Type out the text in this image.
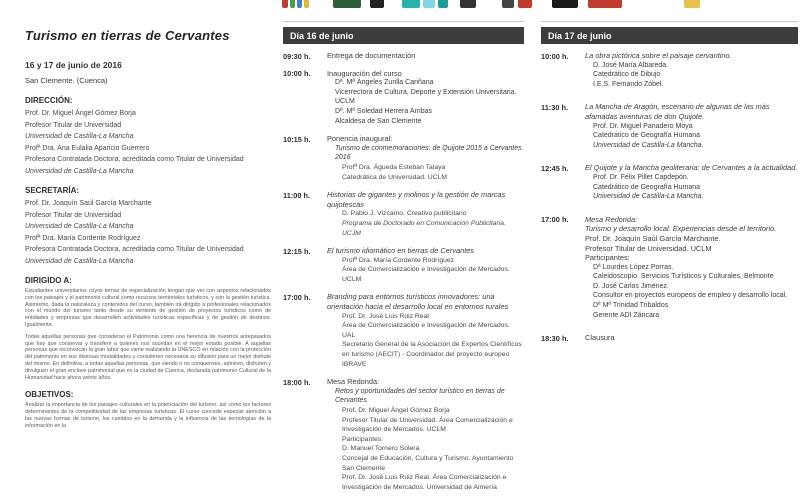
Turismo en tierras de Cervantes
16 y 17 de junio de 2016
San Clemente. (Cuenca)
DIRECCIÓN:
Prof. Dr. Miguel Ángel Gómez Borja
Profesor Titular de Universidad
Universidad de Castilla-La Mancha
Profª Dra. Ana Eulalia Aparicio Guerrero
Profesora Contratada Doctora, acreditada como Titular de Universidad
Universidad de Castilla-La Mancha
SECRETARÍA:
Prof. Dr. Joaquín Saúl García Marchante
Profesor Titular de Universidad
Universidad de Castilla-La Mancha
Profª Dra. María Cordente Rodríguez
Profesora Contratada Doctora, acreditada como Titular de Universidad
Universidad de Castilla-La Mancha
DIRIGIDO A:
Estudiantes universitarios cuyos temas de especialización tengan que ver con aspectos relacionados con los paisajes y el patrimonio cultural como recursos territoriales turísticos, y con la gestión turística. Asimismo, dada la naturaleza y contenidos del curso, también irá dirigido a profesionales relacionados con el mundo del turismo tanto desde su vertiente de gestión de proyectos turísticos como de entidades y empresas que desarrollen actividades turísticas específicas y de gestión de destinos. Igualmente.
Todas aquellas personas que consideran el Patrimonio como una herencia de nuestros antepasados que hay que conservar y transferir a quienes nos sucedan en el mejor estado posible. A aquellas personas que reconozcan la gran labor que viene realizando la UNESCO en relación con la protección del patrimonio en sus diversas modalidades y consideren necesaria su difusión para un mejor disfrute del mismo. En definitiva, a todas aquellas personas, que siendo o no conquenses, admiren, disfruten y divulguen el gran enclave patrimonial que es la ciudad de Cuenca, declarada patrimonio Cultural de la Humanidad hace ahora veinte años.
OBJETIVOS:
Analizar la importancia de los paisajes culturales en la potenciación del turismo, así como los factores determinantes de la competitividad de las empresas turísticas. El curso concede especial atención a las nuevas formas de turismo, los cambios en la demanda y la influencia de las tecnologías de la información en la
Día 16 de junio
09:30 h.	Entrega de documentación
10:00 h.	Inauguración del curso
Dª. Mª Ángeles Zurilla Cariñana
Vicerrectora de Cultura, Deporte y Extensión Universitaria. UCLM
Dª. Mª Soledad Herrera Arribas
Alcaldesa de San Clemente
10:15 h.	Ponencia inaugural:
Turismo de conmemoraciones: de Quijote 2015 a Cervantes 2016
Profª Dra. Águeda Esteban Talaya
Catedrática de Universidad. UCLM
11:00 h.	Historias de gigantes y molinos y la gestión de marcas quijotescas
D. Pablo J. Vizcaíno. Creativo publicitario
Programa de Doctorado en Comunicación Publicitaria. UCJM
12:15 h.	El turismo idiomático en tierras de Cervantes
Profª Dra. María Cordente Rodríguez
Área de Comercialización e Investigación de Mercados. UCLM
17:00 h.	Branding para entornos turísticos innovadores: una orientación hacia el desarrollo local en entornos rurales
Prof. Dr. José Luis Ruiz Real
Área de Comercialización e Investigación de Mercados. UAL
Secretario General de la Asociación de Expertos Científicos en turismo (AECIT) - Coordinador del proyecto europeo IBRAVE
18:00 h.	Mesa Redonda:
Retos y oportunidades del sector turístico en tierras de Cervantes
Prof. Dr. Miguel Ángel Gómez Borja
Profesor Titular de Universidad. Área Comercialización e Investigación de Mercados. UCLM
Participantes:
D. Manuel Tornero Solera
Concejal de Educación, Cultura y Turismo. Ayuntamiento San Clemente
Prof. Dr. José Luis Ruiz Real. Área Comercialización e Investigación de Mercados. Universidad de Almería
Día 17 de junio
10:00 h.	La obra pictórica sobre el paisaje cervantino.
D. José María Albareda.
Catedrático de Dibujo
I.E.S. Fernando Zóbel.
11:30 h.	La Mancha de Aragón, escenario de algunas de las más afamadas aventuras de don Quijote.
Prof. Dr. Miguel Panadero Moya
Catedrático de Geografía Humana
Universidad de Castilla-La Mancha.
12:45 h.	El Quijote y la Mancha geoliteraria: de Cervantes a la actualidad.
Prof. Dr. Félix Pillet Capdepón.
Catedrático de Geografía Humana
Universidad de Castilla-La Mancha.
17:00 h.	Mesa Redonda:
Turismo y desarrollo local. Experiencias desde el territorio.
Prof. Dr. Joaquín Saúl García Marchante.
Profesor Titular de Universidad. UCLM
Participantes:
Dª Lourdes López Porras.
Caleidoscopio. Servicios Turísticos y Culturales, Belmonte
D. José Carlos Jiménez.
Consultor en proyectos europeos de empleo y desarrollo local.
Dª Mª Trinidad Tribaldos
Gerente ADI Záncara
18:30 h.	Clausura
